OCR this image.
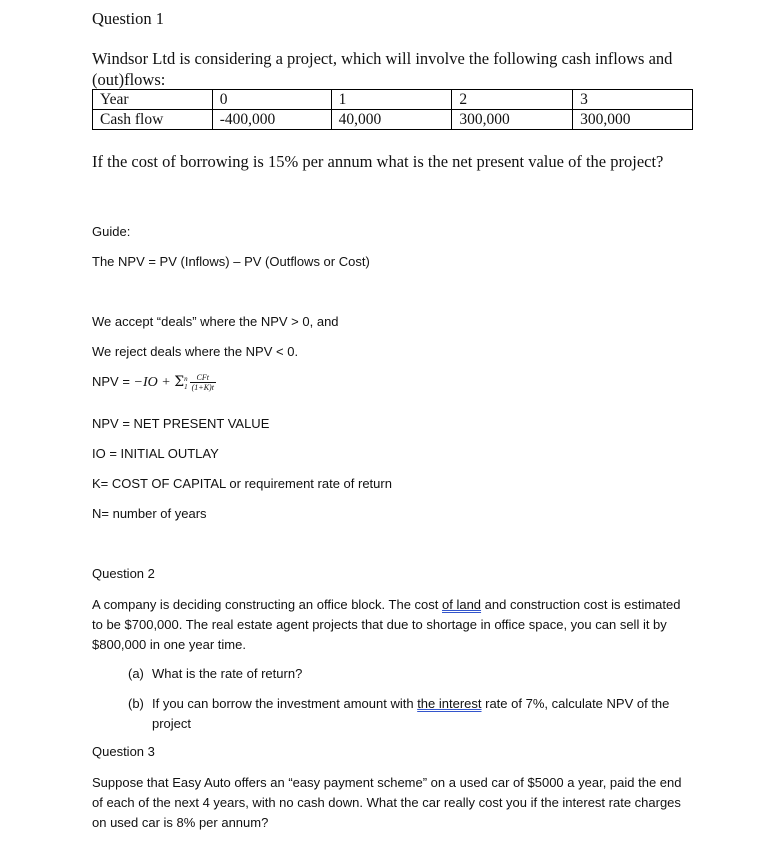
Question 1
Windsor Ltd is considering a project, which will involve the following cash inflows and (out)flows:
Year	0	1	2	3
Cash flow	-400,000	40,000	300,000	300,000
If the cost of borrowing is 15% per annum what is the net present value of the project?
Guide:
The NPV = PV (Inflows) – PV (Outflows or Cost)
We accept “deals” where the NPV > 0, and
We reject deals where the NPV < 0.
NPV = −IO + Σ n
$1 \frac{\text{CFt}}{(1+K)t}$
NPV = NET PRESENT VALUE
IO = INITIAL OUTLAY
K= COST OF CAPITAL or requirement rate of return
N= number of years
Question 2
A company is deciding constructing an office block. The cost of land and construction cost is estimated to be $700,000. The real estate agent projects that due to shortage in office space, you can sell it by $800,000 in one year time.
(a) What is the rate of return?
(b) If you can borrow the investment amount with the interest rate of 7%, calculate NPV of the project
Question 3
Suppose that Easy Auto offers an “easy payment scheme” on a used car of $5000 a year, paid the end of each of the next 4 years, with no cash down. What the car really cost you if the interest rate charges on used car is 8% per annum?
